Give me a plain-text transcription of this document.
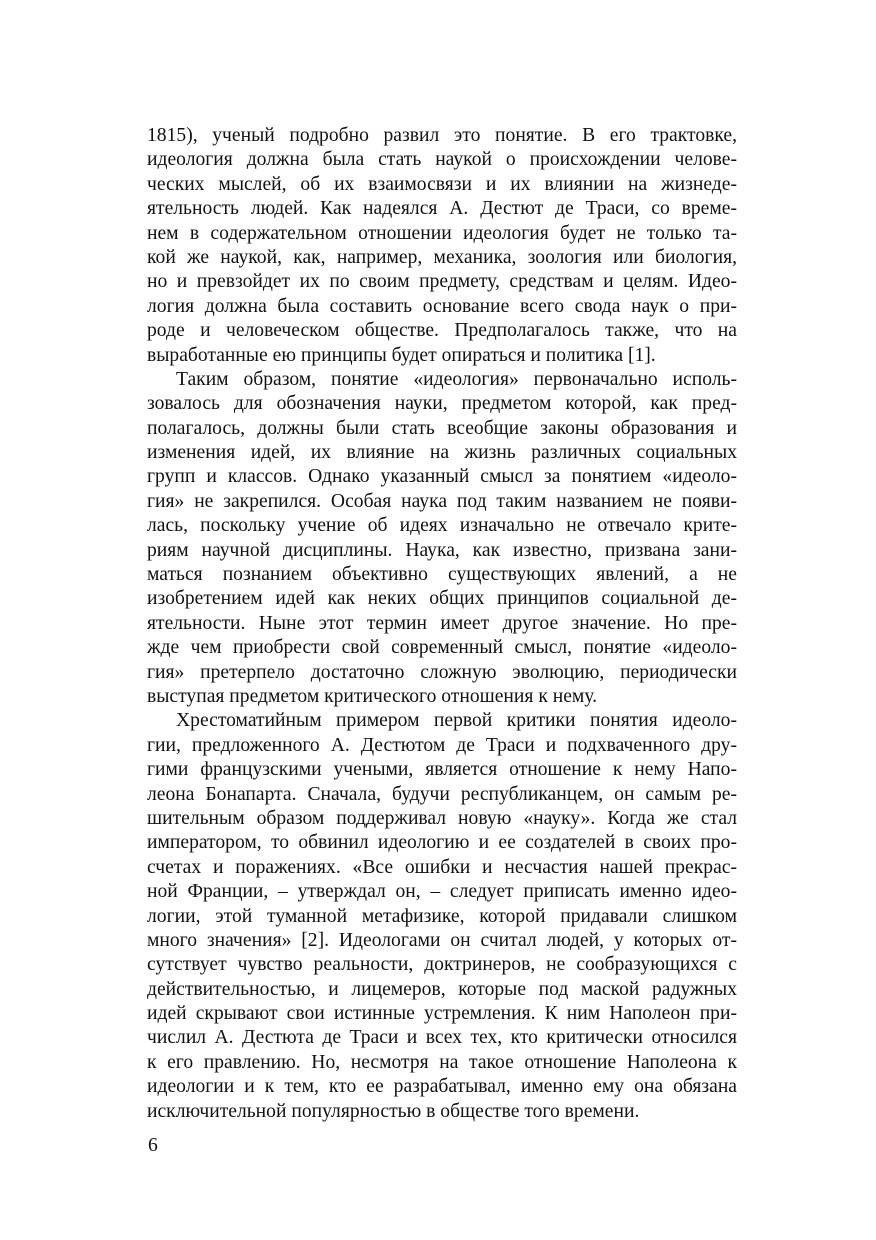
1815), ученый подробно развил это понятие. В его трактовке,
идеология должна была стать наукой о происхождении челове-
ческих мыслей, об их взаимосвязи и их влиянии на жизнеде-
ятельность людей. Как надеялся А. Дестют де Траси, со време-
нем в содержательном отношении идеология будет не только та-
кой же наукой, как, например, механика, зоология или биология,
но и превзойдет их по своим предмету, средствам и целям. Идео-
логия должна была составить основание всего свода наук о при-
роде и человеческом обществе. Предполагалось также, что на
выработанные ею принципы будет опираться и политика [1].
Таким образом, понятие «идеология» первоначально исполь-
зовалось для обозначения науки, предметом которой, как пред-
полагалось, должны были стать всеобщие законы образования и
изменения идей, их влияние на жизнь различных социальных
групп и классов. Однако указанный смысл за понятием «идеоло-
гия» не закрепился. Особая наука под таким названием не появи-
лась, поскольку учение об идеях изначально не отвечало крите-
риям научной дисциплины. Наука, как известно, призвана зани-
маться познанием объективно существующих явлений, а не
изобретением идей как неких общих принципов социальной де-
ятельности. Ныне этот термин имеет другое значение. Но пре-
жде чем приобрести свой современный смысл, понятие «идеоло-
гия» претерпело достаточно сложную эволюцию, периодически
выступая предметом критического отношения к нему.
Хрестоматийным примером первой критики понятия идеоло-
гии, предложенного А. Дестютом де Траси и подхваченного дру-
гими французскими учеными, является отношение к нему Напо-
леона Бонапарта. Сначала, будучи республиканцем, он самым ре-
шительным образом поддерживал новую «науку». Когда же стал
императором, то обвинил идеологию и ее создателей в своих про-
счетах и поражениях. «Все ошибки и несчастия нашей прекрас-
ной Франции, – утверждал он, – следует приписать именно идео-
логии, этой туманной метафизике, которой придавали слишком
много значения» [2]. Идеологами он считал людей, у которых от-
сутствует чувство реальности, доктринеров, не сообразующихся с
действительностью, и лицемеров, которые под маской радужных
идей скрывают свои истинные устремления. К ним Наполеон при-
числил А. Дестюта де Траси и всех тех, кто критически относился
к его правлению. Но, несмотря на такое отношение Наполеона к
идеологии и к тем, кто ее разрабатывал, именно ему она обязана
исключительной популярностью в обществе того времени.
6
